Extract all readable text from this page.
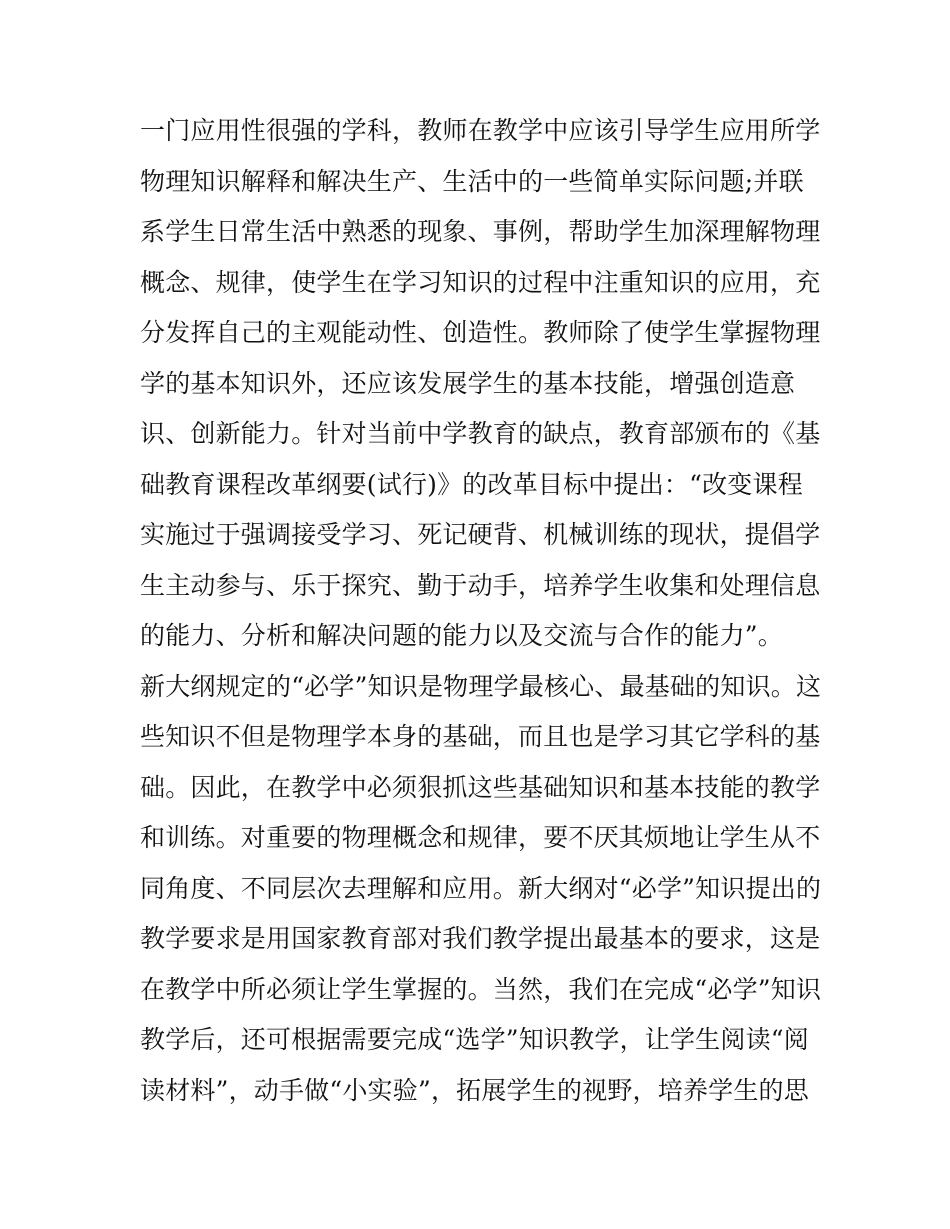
一门应用性很强的学科，教师在教学中应该引导学生应用所学
物理知识解释和解决生产、生活中的一些简单实际问题;并联
系学生日常生活中熟悉的现象、事例，帮助学生加深理解物理
概念、规律，使学生在学习知识的过程中注重知识的应用，充
分发挥自己的主观能动性、创造性。教师除了使学生掌握物理
学的基本知识外，还应该发展学生的基本技能，增强创造意
识、创新能力。针对当前中学教育的缺点，教育部颁布的《基
础教育课程改革纲要(试行)》的改革目标中提出：“改变课程
实施过于强调接受学习、死记硬背、机械训练的现状，提倡学
生主动参与、乐于探究、勤于动手，培养学生收集和处理信息
的能力、分析和解决问题的能力以及交流与合作的能力”。
新大纲规定的“必学”知识是物理学最核心、最基础的知识。这
些知识不但是物理学本身的基础，而且也是学习其它学科的基
础。因此，在教学中必须狠抓这些基础知识和基本技能的教学
和训练。对重要的物理概念和规律，要不厌其烦地让学生从不
同角度、不同层次去理解和应用。新大纲对“必学”知识提出的
教学要求是用国家教育部对我们教学提出最基本的要求，这是
在教学中所必须让学生掌握的。当然，我们在完成“必学”知识
教学后，还可根据需要完成“选学”知识教学，让学生阅读“阅
读材料”，动手做“小实验”，拓展学生的视野，培养学生的思
